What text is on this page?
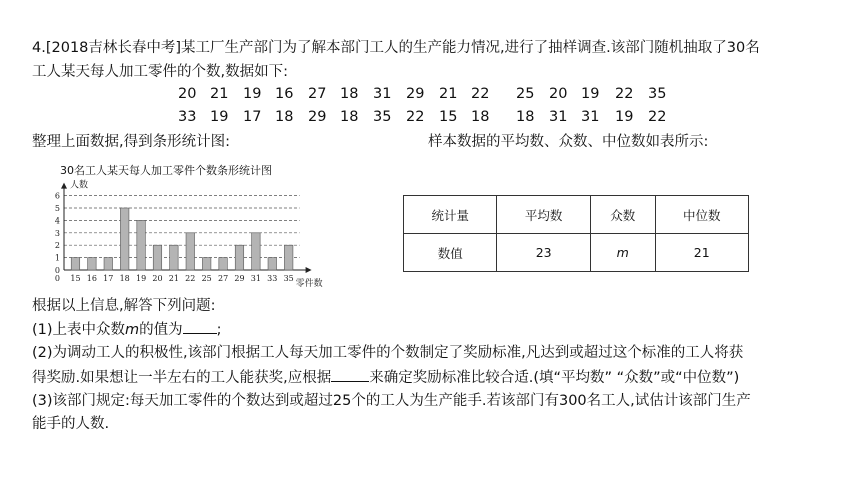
4.[2018吉林长春中考]某工厂生产部门为了解本部门工人的生产能力情况,进行了抽样调查.该部门随机抽取了30名
工人某天每人加工零件的个数,数据如下:
20 21	19 16	27 18	31	29	21 22	25	20 19	22	35
33 19	17 18	29 18	35	22	15 18	18	31 31	19	22
整理上面数据,得到条形统计图:	样本数据的平均数、众数、中位数如表所示:
30名工人某天每人加工零件个数条形统计图
0
1
2
3
4
5
6
人数
15 16 17 18 19 20 21 22 25 27 29 31 33 35
0
零件数
统计量	平均数	众数	中位数
数值	23	m	21
根据以上信息,解答下列问题:
(1)上表中众数m的值为 ;
(2)为调动工人的积极性,该部门根据工人每天加工零件的个数制定了奖励标准,凡达到或超过这个标准的工人将获
得奖励.如果想让一半左右的工人能获奖,应根据	来确定奖励标准比较合适.(填“平均数” “众数”或“中位数”)
(3)该部门规定:每天加工零件的个数达到或超过25个的工人为生产能手.若该部门有300名工人,试估计该部门生产
能手的人数.
